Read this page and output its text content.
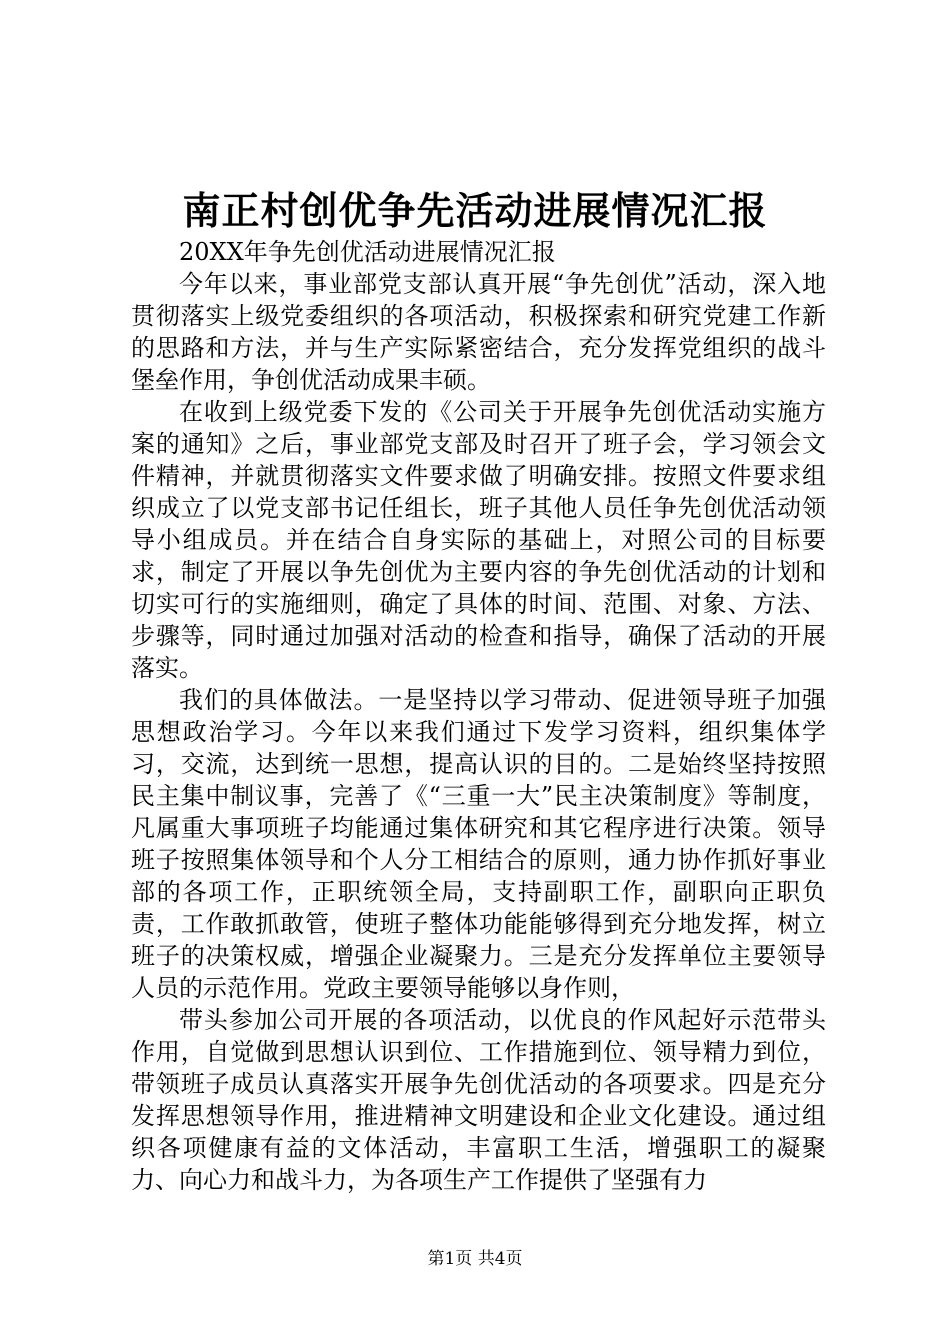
南正村创优争先活动进展情况汇报

20XX年争先创优活动进展情况汇报

今年以来，事业部党支部认真开展“争先创优”活动，深入地贯彻落实上级党委组织的各项活动，积极探索和研究党建工作新的思路和方法，并与生产实际紧密结合，充分发挥党组织的战斗堡垒作用，争创优活动成果丰硕。

在收到上级党委下发的《公司关于开展争先创优活动实施方案的通知》之后，事业部党支部及时召开了班子会，学习领会文件精神，并就贯彻落实文件要求做了明确安排。按照文件要求组织成立了以党支部书记任组长，班子其他人员任争先创优活动领导小组成员。并在结合自身实际的基础上，对照公司的目标要求，制定了开展以争先创优为主要内容的争先创优活动的计划和切实可行的实施细则，确定了具体的时间、范围、对象、方法、步骤等，同时通过加强对活动的检查和指导，确保了活动的开展落实。

我们的具体做法。一是坚持以学习带动、促进领导班子加强思想政治学习。今年以来我们通过下发学习资料，组织集体学习，交流，达到统一思想，提高认识的目的。二是始终坚持按照民主集中制议事，完善了《“三重一大”民主决策制度》等制度，凡属重大事项班子均能通过集体研究和其它程序进行决策。领导班子按照集体领导和个人分工相结合的原则，通力协作抓好事业部的各项工作，正职统领全局，支持副职工作，副职向正职负责，工作敢抓敢管，使班子整体功能能够得到充分地发挥，树立班子的决策权威，增强企业凝聚力。三是充分发挥单位主要领导人员的示范作用。党政主要领导能够以身作则，

带头参加公司开展的各项活动，以优良的作风起好示范带头作用，自觉做到思想认识到位、工作措施到位、领导精力到位，带领班子成员认真落实开展争先创优活动的各项要求。四是充分发挥思想领导作用，推进精神文明建设和企业文化建设。通过组织各项健康有益的文体活动，丰富职工生活，增强职工的凝聚力、向心力和战斗力，为各项生产工作提供了坚强有力

第1页 共4页
